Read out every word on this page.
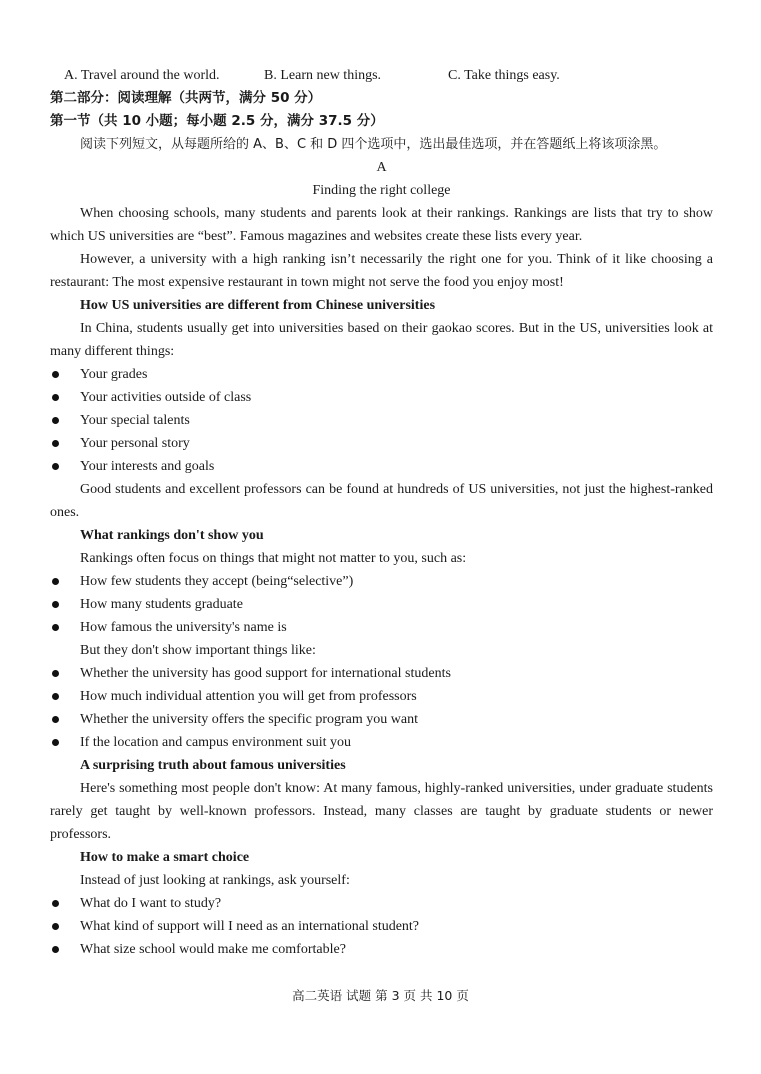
A. Travel around the world.	B. Learn new things.	C. Take things easy.
第二部分：阅读理解（共两节，满分 50 分）
第一节（共 10 小题；每小题 2.5 分，满分 37.5 分）

阅读下列短文，从每题所给的 A、B、C 和 D 四个选项中，选出最佳选项，并在答题纸上将该项涂黑。

A
Finding the right college

When choosing schools, many students and parents look at their rankings. Rankings are lists that try to show which US universities are “best”. Famous magazines and websites create these lists every year.

However, a university with a high ranking isn’t necessarily the right one for you. Think of it like choosing a restaurant: The most expensive restaurant in town might not serve the food you enjoy most!

How US universities are different from Chinese universities

In China, students usually get into universities based on their gaokao scores. But in the US, universities look at many different things:

Your grades
Your activities outside of class
Your special talents
Your personal story
Your interests and goals

Good students and excellent professors can be found at hundreds of US universities, not just the highest-ranked ones.

What rankings don't show you
Rankings often focus on things that might not matter to you, such as:
How few students they accept (being“selective”)
How many students graduate
How famous the university's name is
But they don't show important things like:
Whether the university has good support for international students
How much individual attention you will get from professors
Whether the university offers the specific program you want
If the location and campus environment suit you
A surprising truth about famous universities

Here's something most people don't know: At many famous, highly-ranked universities, under graduate students rarely get taught by well-known professors. Instead, many classes are taught by graduate students or newer professors.

How to make a smart choice
Instead of just looking at rankings, ask yourself:
What do I want to study?
What kind of support will I need as an international student?
What size school would make me comfortable?
高二英语 试题 第 3 页 共 10 页
